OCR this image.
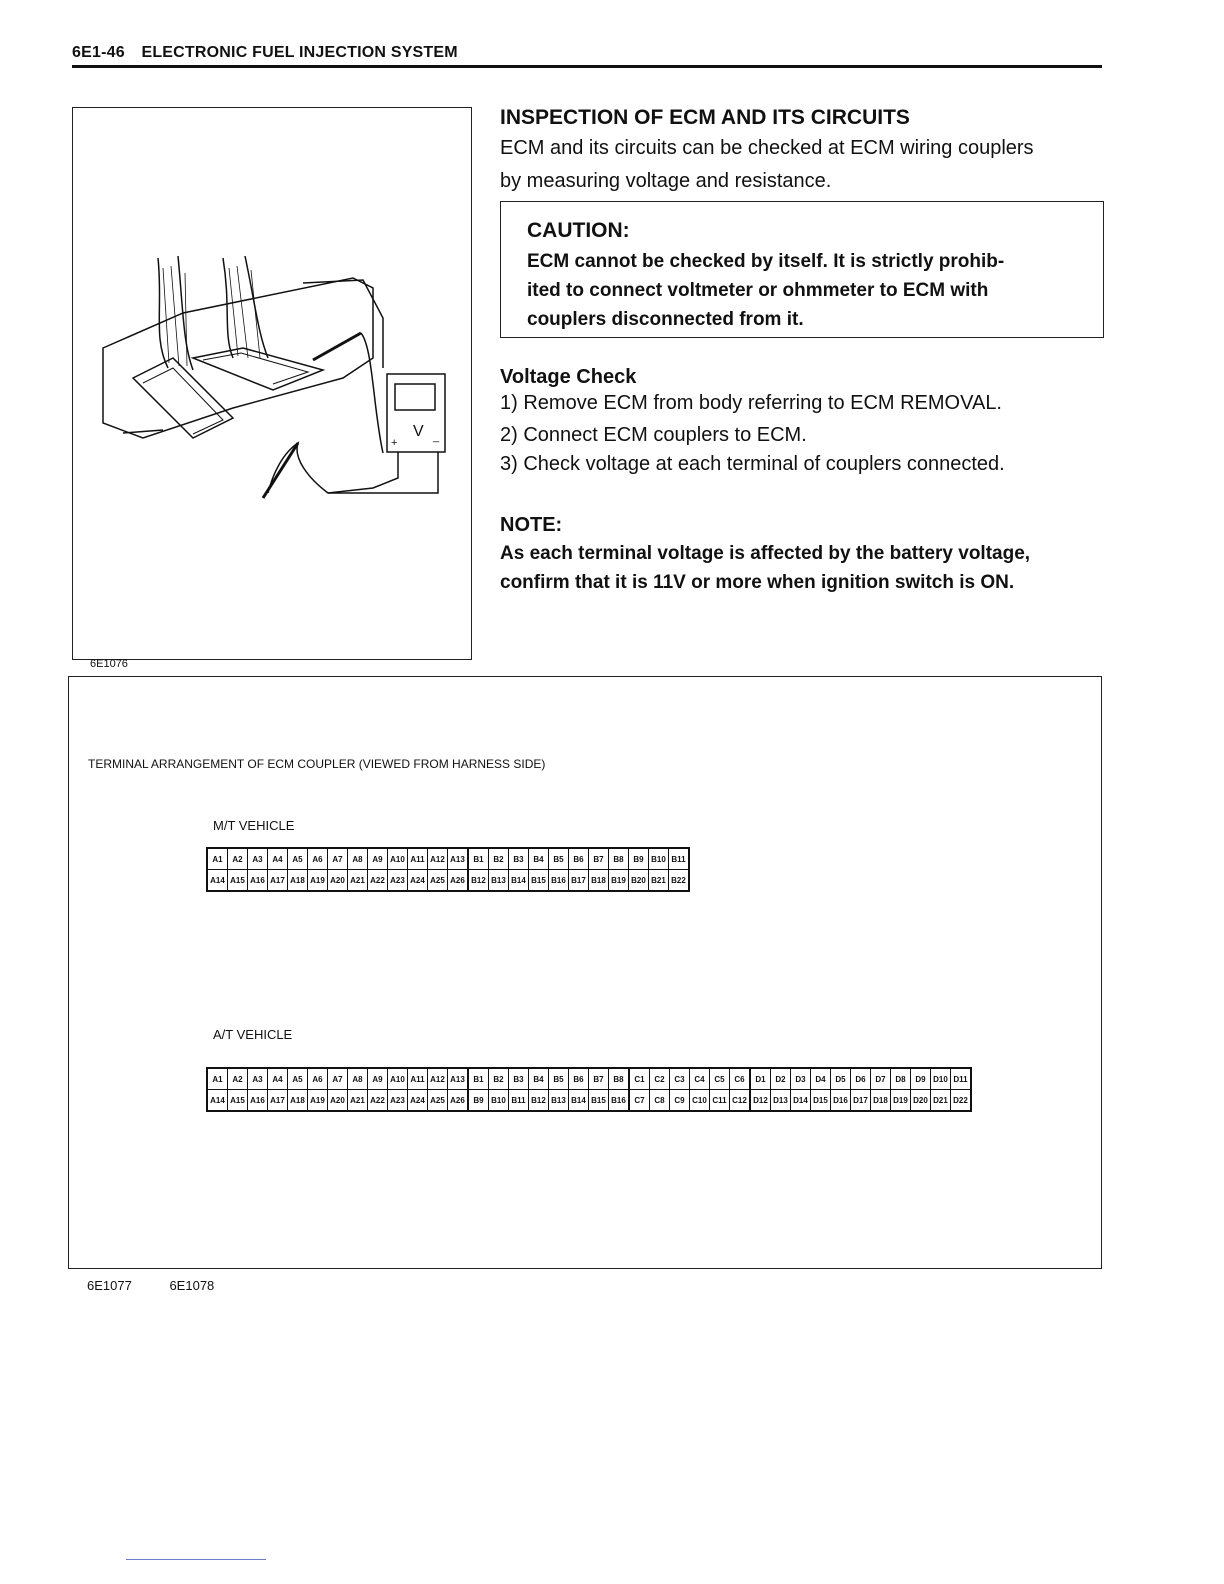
6E1-46 ELECTRONIC FUEL INJECTION SYSTEM
V
+	_
6E1076
INSPECTION OF ECM AND ITS CIRCUITS
ECM and its circuits can be checked at ECM wiring couplers
by measuring voltage and resistance.
CAUTION:
ECM cannot be checked by itself. It is strictly prohib-
ited to connect voltmeter or ohmmeter to ECM with
couplers disconnected from it.
Voltage Check
1) Remove ECM from body referring to ECM REMOVAL.
2) Connect ECM couplers to ECM.
3) Check voltage at each terminal of couplers connected.
NOTE:
As each terminal voltage is affected by the battery voltage,
confirm that it is 11V or more when ignition switch is ON.
TERMINAL ARRANGEMENT OF ECM COUPLER (VIEWED FROM HARNESS SIDE)
M/T VEHICLE
A1	A2	A3	A4	A5	A6	A7	A8	A9 A10 A11 A12 A13
A14 A15 A16 A17 A18 A19 A20 A21 A22 A23 A24 A25 A26
B1	B2	B3	B4	B5	B6	B7	B8	B9 B10 B11
B12 B13 B14 B15 B16 B17 B18 B19 B20 B21 B22
A/T VEHICLE
A1	A2	A3	A4	A5	A6	A7	A8	A9 A10 A11 A12 A13
A14 A15 A16 A17 A18 A19 A20 A21 A22 A23 A24 A25 A26
B1	B2	B3	B4	B5	B6	B7	B8
B9 B10 B11 B12 B13 B14 B15 B16
C1	C2	C3	C4	C5	C6
C7	C8	C9 C10 C11 C12
D1	D2	D3	D4	D5	D6	D7	D8	D9 D10 D11
D12 D13 D14 D15 D16 D17 D18 D19 D20 D21 D22
6E1077	6E1078
